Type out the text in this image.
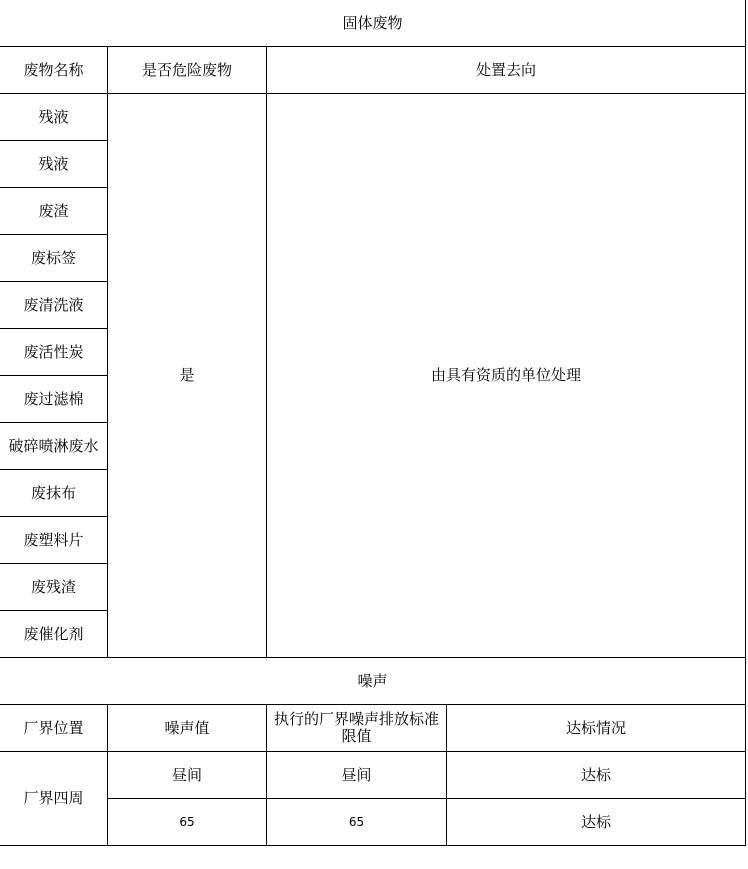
固体废物			
废物名称	是否危险废物	处置去向	
残液	是	由具有资质的单位处理	
残液			
废渣			
废标签			
废清洗液			
废活性炭			
废过滤棉			
破碎喷淋废水			
废抹布			
废塑料片			
废残渣			
废催化剂			
噪声			
厂界位置	噪声值	执行的厂界噪声排放标准限值	达标情况
厂界四周	昼间	昼间	达标
	65	65	达标
